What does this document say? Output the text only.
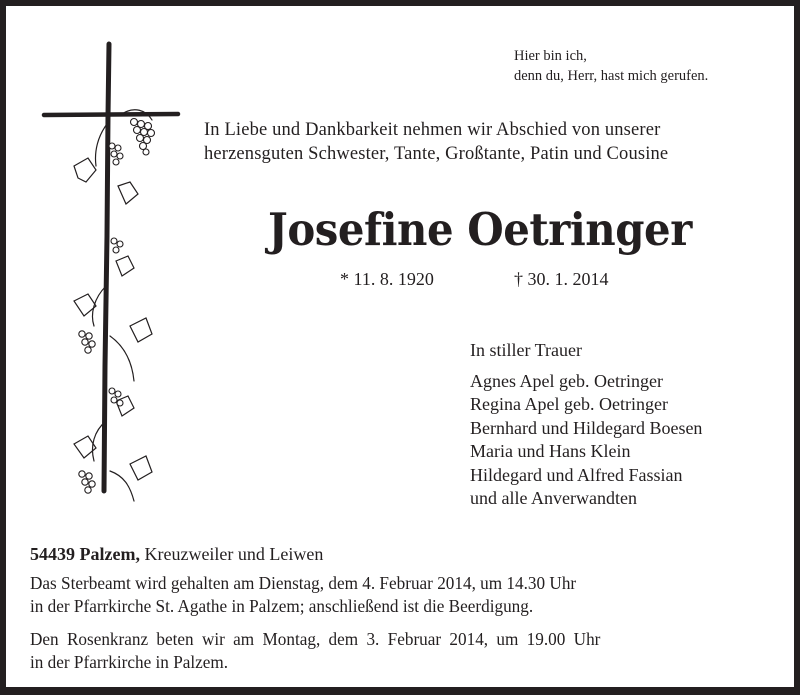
Hier bin ich,
denn du, Herr, hast mich gerufen.
In Liebe und Dankbarkeit nehmen wir Abschied von unserer
herzensguten Schwester, Tante, Großtante, Patin und Cousine
Josefine Oetringer
* 11. 8. 1920	† 30. 1. 2014
In stiller Trauer
Agnes Apel geb. Oetringer
Regina Apel geb. Oetringer
Bernhard und Hildegard Boesen
Maria und Hans Klein
Hildegard und Alfred Fassian
und alle Anverwandten
54439 Palzem, Kreuzweiler und Leiwen
Das Sterbeamt wird gehalten am Dienstag, dem 4. Februar 2014, um 14.30 Uhr
in der Pfarrkirche St. Agathe in Palzem; anschließend ist die Beerdigung.
Den Rosenkranz beten wir am Montag, dem 3. Februar 2014, um 19.00 Uhr
in der Pfarrkirche in Palzem.
